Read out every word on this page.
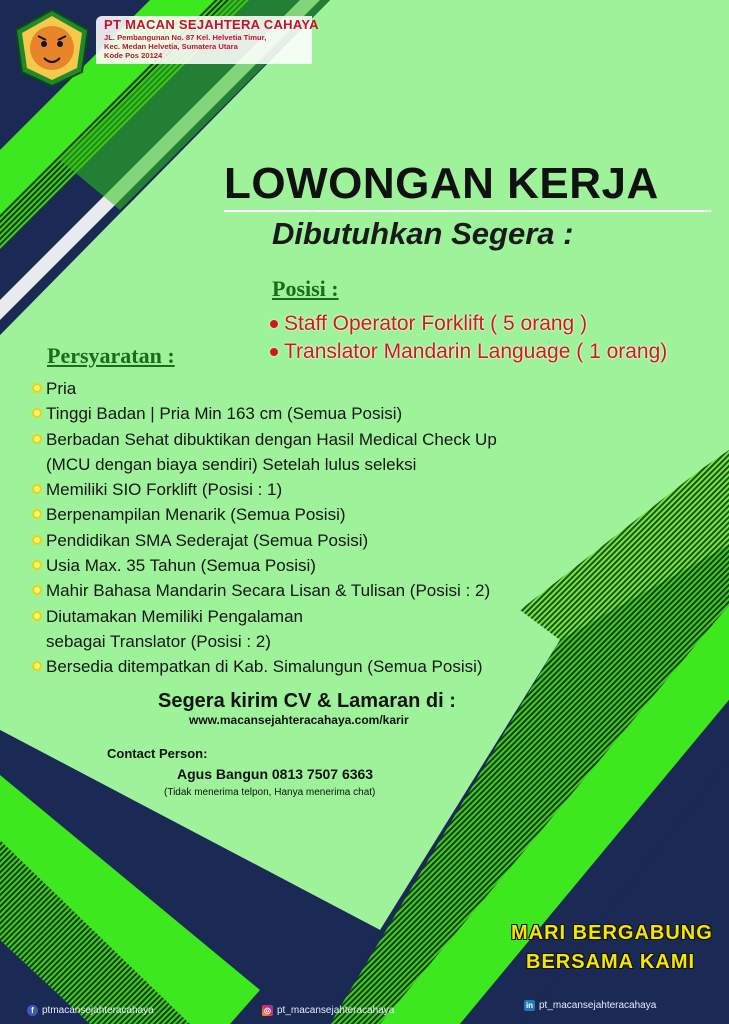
PT MACAN SEJAHTERA CAHAYA
JL. Pembangunan No. 87 Kel. Helvetia Timur,
Kec. Medan Helvetia, Sumatera Utara
Kode Pos 20124
LOWONGAN KERJA
Dibutuhkan Segera :
Posisi :
Staff Operator Forklift ( 5 orang )
Translator Mandarin Language ( 1 orang)
Persyaratan :
Pria
Tinggi Badan | Pria Min 163 cm (Semua Posisi)
Berbadan Sehat dibuktikan dengan Hasil Medical Check Up
(MCU dengan biaya sendiri) Setelah lulus seleksi
Memiliki SIO Forklift (Posisi : 1)
Berpenampilan Menarik (Semua Posisi)
Pendidikan SMA Sederajat (Semua Posisi)
Usia Max. 35 Tahun (Semua Posisi)
Mahir Bahasa Mandarin Secara Lisan & Tulisan (Posisi : 2)
Diutamakan Memiliki Pengalaman
sebagai Translator (Posisi : 2)
Bersedia ditempatkan di Kab. Simalungun (Semua Posisi)
Segera kirim CV & Lamaran di :
www.macansejahteracahaya.com/karir
Contact Person:
Agus Bangun 0813 7507 6363
(Tidak menerima telpon, Hanya menerima chat)
MARI BERGABUNG
BERSAMA KAMI
f ptmacansejahteracahaya	◎ pt_macansejahteracahaya	in pt_macansejahteracahaya
